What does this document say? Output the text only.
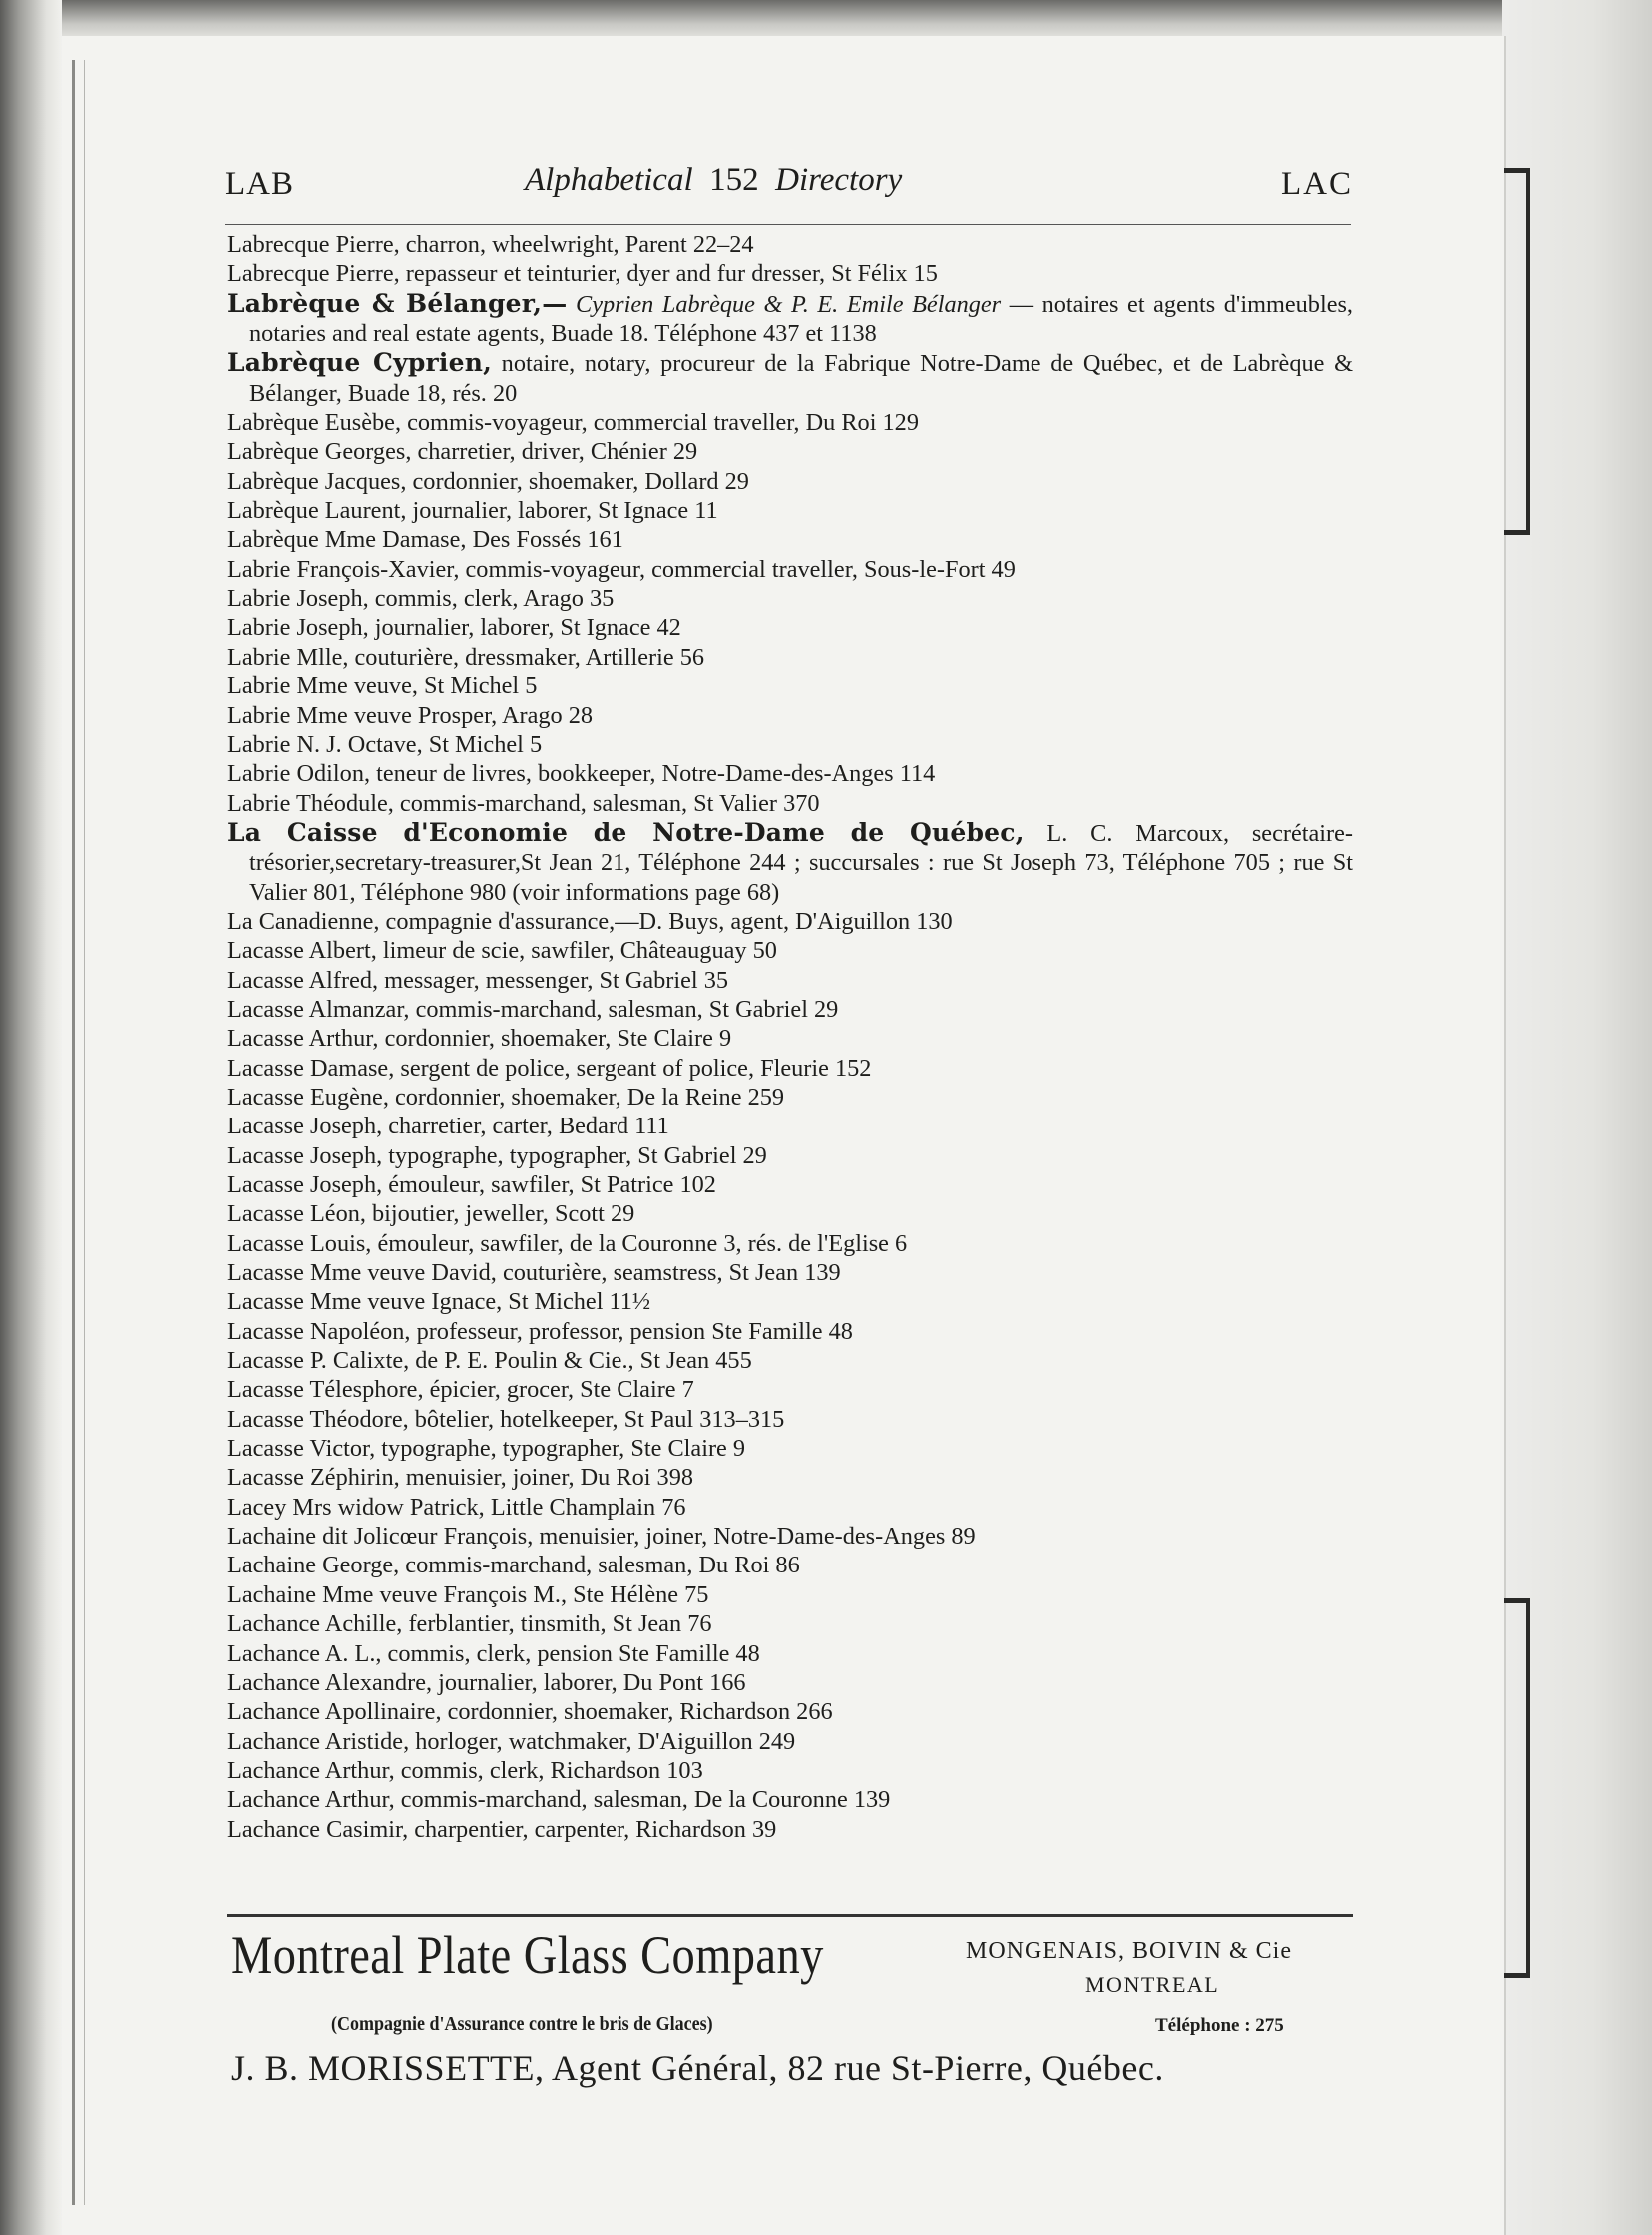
LAB	Alphabetical 152 Directory	LAC
Labrecque Pierre, charron, wheelwright, Parent 22–24
Labrecque Pierre, repasseur et teinturier, dyer and fur dresser, St Félix 15
Labrèque & Bélanger,— Cyprien Labrèque & P. E. Emile Bélanger — notaires et agents d'immeubles, notaries and real estate agents, Buade 18. Téléphone 437 et 1138
Labrèque Cyprien, notaire, notary, procureur de la Fabrique Notre-Dame de Québec, et de Labrèque & Bélanger, Buade 18, rés. 20
Labrèque Eusèbe, commis-voyageur, commercial traveller, Du Roi 129
Labrèque Georges, charretier, driver, Chénier 29
Labrèque Jacques, cordonnier, shoemaker, Dollard 29
Labrèque Laurent, journalier, laborer, St Ignace 11
Labrèque Mme Damase, Des Fossés 161
Labrie François-Xavier, commis-voyageur, commercial traveller, Sous-le-Fort 49
Labrie Joseph, commis, clerk, Arago 35
Labrie Joseph, journalier, laborer, St Ignace 42
Labrie Mlle, couturière, dressmaker, Artillerie 56
Labrie Mme veuve, St Michel 5
Labrie Mme veuve Prosper, Arago 28
Labrie N. J. Octave, St Michel 5
Labrie Odilon, teneur de livres, bookkeeper, Notre-Dame-des-Anges 114
Labrie Théodule, commis-marchand, salesman, St Valier 370
La Caisse d'Economie de Notre-Dame de Québec, L. C. Marcoux, secrétaire-trésorier,secretary-treasurer,St Jean 21, Téléphone 244 ; succursales : rue St Joseph 73, Téléphone 705 ; rue St Valier 801, Téléphone 980 (voir informations page 68)
La Canadienne, compagnie d'assurance,—D. Buys, agent, D'Aiguillon 130
Lacasse Albert, limeur de scie, sawfiler, Châteauguay 50
Lacasse Alfred, messager, messenger, St Gabriel 35
Lacasse Almanzar, commis-marchand, salesman, St Gabriel 29
Lacasse Arthur, cordonnier, shoemaker, Ste Claire 9
Lacasse Damase, sergent de police, sergeant of police, Fleurie 152
Lacasse Eugène, cordonnier, shoemaker, De la Reine 259
Lacasse Joseph, charretier, carter, Bedard 111
Lacasse Joseph, typographe, typographer, St Gabriel 29
Lacasse Joseph, émouleur, sawfiler, St Patrice 102
Lacasse Léon, bijoutier, jeweller, Scott 29
Lacasse Louis, émouleur, sawfiler, de la Couronne 3, rés. de l'Eglise 6
Lacasse Mme veuve David, couturière, seamstress, St Jean 139
Lacasse Mme veuve Ignace, St Michel 11½
Lacasse Napoléon, professeur, professor, pension Ste Famille 48
Lacasse P. Calixte, de P. E. Poulin & Cie., St Jean 455
Lacasse Télesphore, épicier, grocer, Ste Claire 7
Lacasse Théodore, bôtelier, hotelkeeper, St Paul 313–315
Lacasse Victor, typographe, typographer, Ste Claire 9
Lacasse Zéphirin, menuisier, joiner, Du Roi 398
Lacey Mrs widow Patrick, Little Champlain 76
Lachaine dit Jolicœur François, menuisier, joiner, Notre-Dame-des-Anges 89
Lachaine George, commis-marchand, salesman, Du Roi 86
Lachaine Mme veuve François M., Ste Hélène 75
Lachance Achille, ferblantier, tinsmith, St Jean 76
Lachance A. L., commis, clerk, pension Ste Famille 48
Lachance Alexandre, journalier, laborer, Du Pont 166
Lachance Apollinaire, cordonnier, shoemaker, Richardson 266
Lachance Aristide, horloger, watchmaker, D'Aiguillon 249
Lachance Arthur, commis, clerk, Richardson 103
Lachance Arthur, commis-marchand, salesman, De la Couronne 139
Lachance Casimir, charpentier, carpenter, Richardson 39
Montreal Plate Glass Company	MONGENAIS, BOIVIN & Cie
MONTREAL
(Compagnie d'Assurance contre le bris de Glaces)	Téléphone : 275
J. B. MORISSETTE, Agent Général, 82 rue St-Pierre, Québec.
